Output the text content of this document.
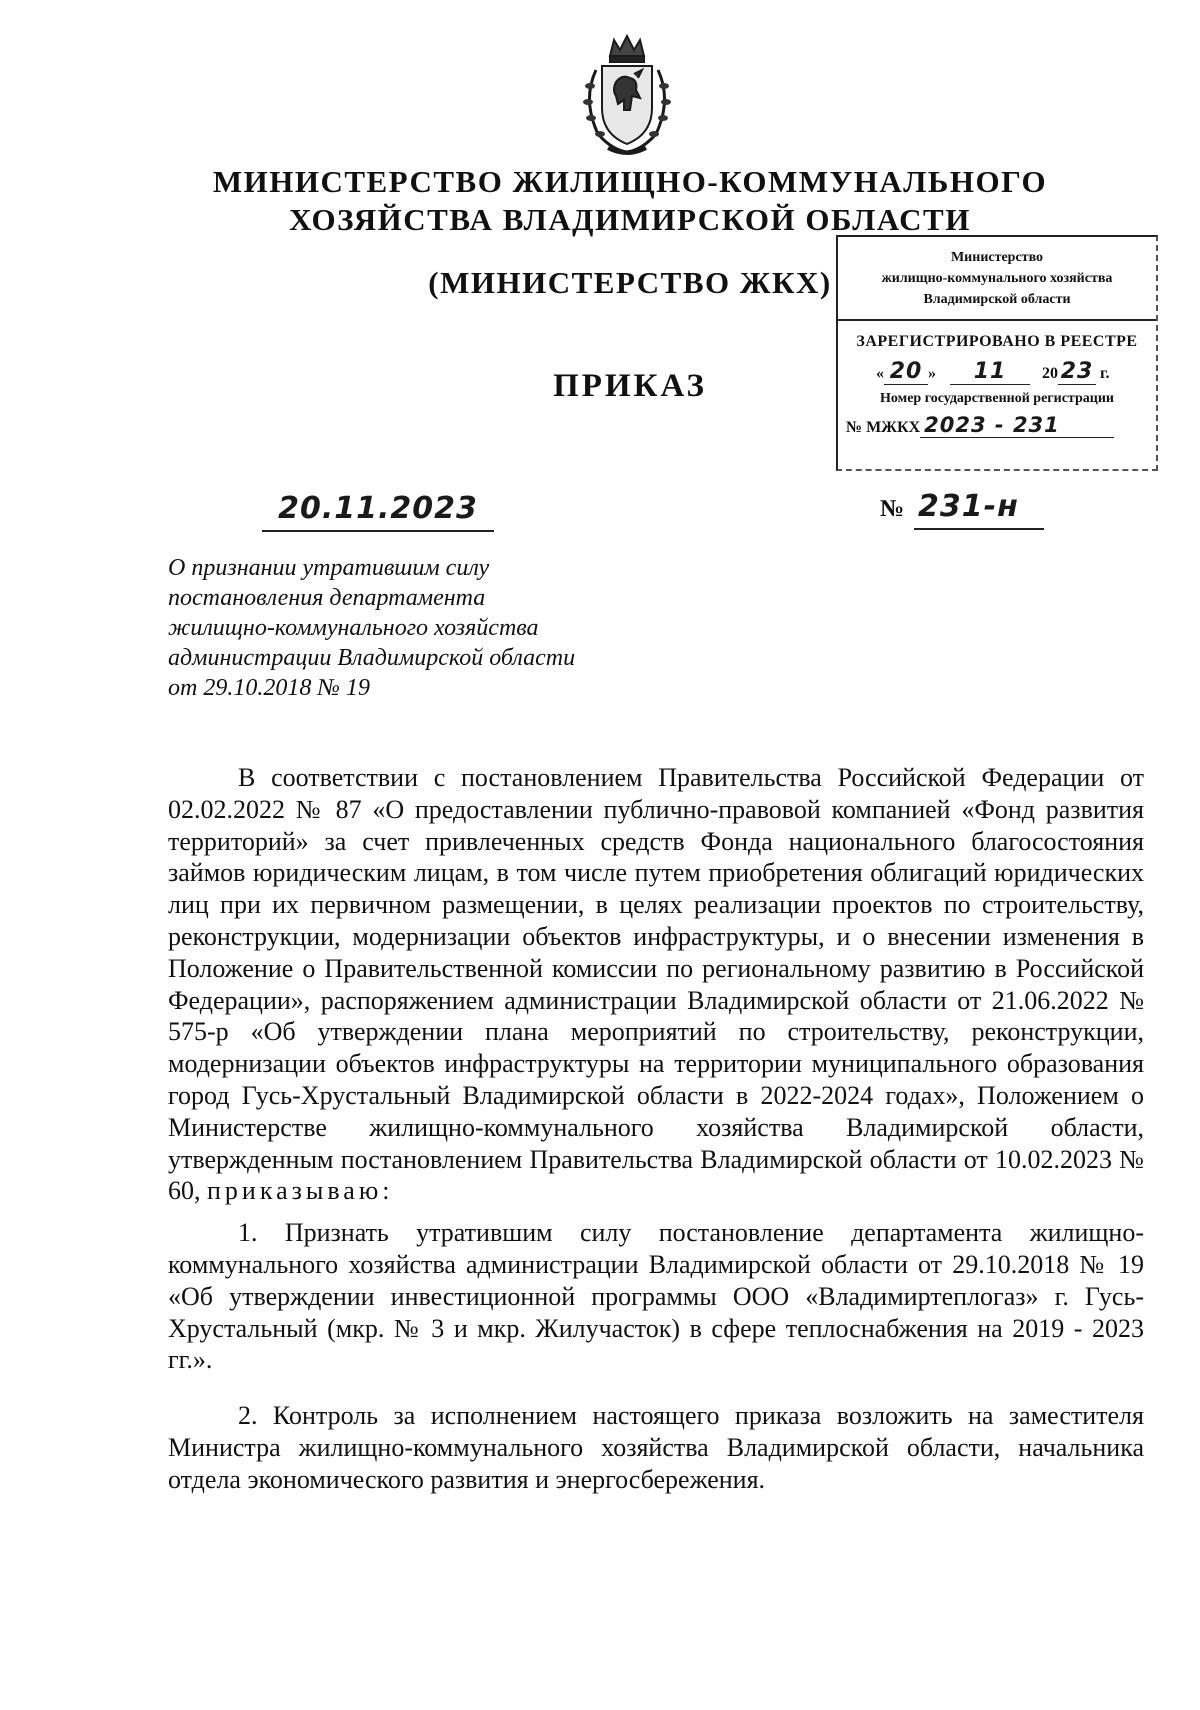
МИНИСТЕРСТВО ЖИЛИЩНО-КОММУНАЛЬНОГО
ХОЗЯЙСТВА ВЛАДИМИРСКОЙ ОБЛАСТИ
(МИНИСТЕРСТВО ЖКХ)
ПРИКАЗ
Министерство
жилищно-коммунального хозяйства
Владимирской области
ЗАРЕГИСТРИРОВАНО В РЕЕСТРЕ
« 20 » 11 20 23 г.
Номер государственной регистрации
№ МЖКХ 2023 - 231
20.11.2023	№ 231-н
О признании утратившим силу
постановления департамента
жилищно-коммунального хозяйства
администрации Владимирской области
от 29.10.2018 № 19

В соответствии с постановлением Правительства Российской Федерации от 02.02.2022 № 87 «О предоставлении публично-правовой компанией «Фонд развития территорий» за счет привлеченных средств Фонда национального благосостояния займов юридическим лицам, в том числе путем приобретения облигаций юридических лиц при их первичном размещении, в целях реализации проектов по строительству, реконструкции, модернизации объектов инфраструктуры, и о внесении изменения в Положение о Правительственной комиссии по региональному развитию в Российской Федерации», распоряжением администрации Владимирской области от 21.06.2022 № 575-р «Об утверждении плана мероприятий по строительству, реконструкции, модернизации объектов инфраструктуры на территории муниципального образования город Гусь-Хрустальный Владимирской области в 2022-2024 годах», Положением о Министерстве жилищно-коммунального хозяйства Владимирской области, утвержденным постановлением Правительства Владимирской области от 10.02.2023 № 60, приказываю:

1. Признать утратившим силу постановление департамента жилищно-коммунального хозяйства администрации Владимирской области от 29.10.2018 № 19 «Об утверждении инвестиционной программы ООО «Владимиртеплогаз» г. Гусь-Хрустальный (мкр. № 3 и мкр. Жилучасток) в сфере теплоснабжения на 2019 - 2023 гг.».

2. Контроль за исполнением настоящего приказа возложить на заместителя Министра жилищно-коммунального хозяйства Владимирской области, начальника отдела экономического развития и энергосбережения.
